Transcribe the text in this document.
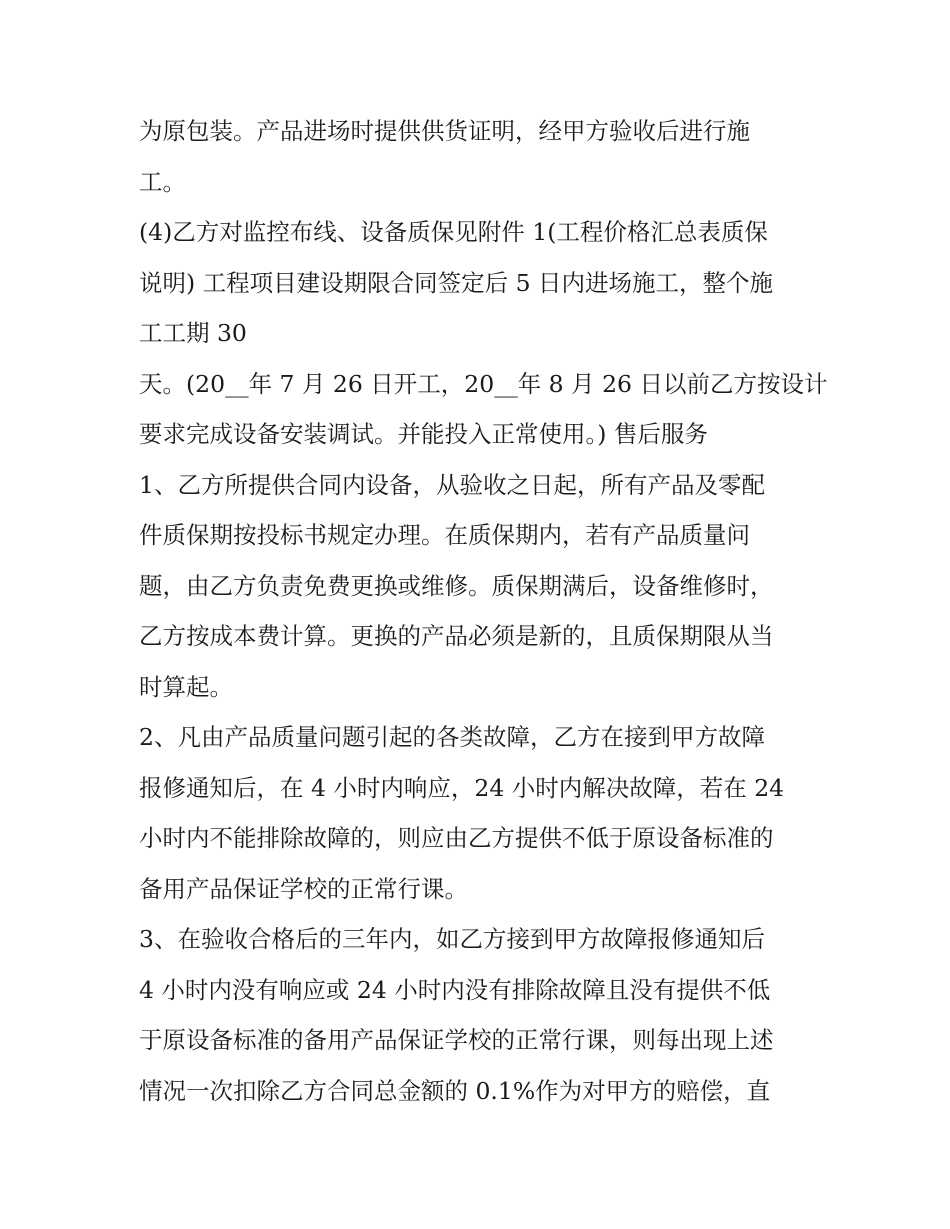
为原包装。产品进场时提供供货证明，经甲方验收后进行施
工。
(4)乙方对监控布线、设备质保见附件 1(工程价格汇总表质保
说明) 工程项目建设期限合同签定后 5 日内进场施工，整个施
工工期 30
天。(20__年 7 月 26 日开工，20__年 8 月 26 日以前乙方按设计
要求完成设备安装调试。并能投入正常使用。) 售后服务
1、乙方所提供合同内设备，从验收之日起，所有产品及零配
件质保期按投标书规定办理。在质保期内，若有产品质量问
题，由乙方负责免费更换或维修。质保期满后，设备维修时，
乙方按成本费计算。更换的产品必须是新的，且质保期限从当
时算起。
2、凡由产品质量问题引起的各类故障，乙方在接到甲方故障
报修通知后，在 4 小时内响应，24 小时内解决故障，若在 24
小时内不能排除故障的，则应由乙方提供不低于原设备标准的
备用产品保证学校的正常行课。
3、在验收合格后的三年内，如乙方接到甲方故障报修通知后
4 小时内没有响应或 24 小时内没有排除故障且没有提供不低
于原设备标准的备用产品保证学校的正常行课，则每出现上述
情况一次扣除乙方合同总金额的 0.1%作为对甲方的赔偿，直
